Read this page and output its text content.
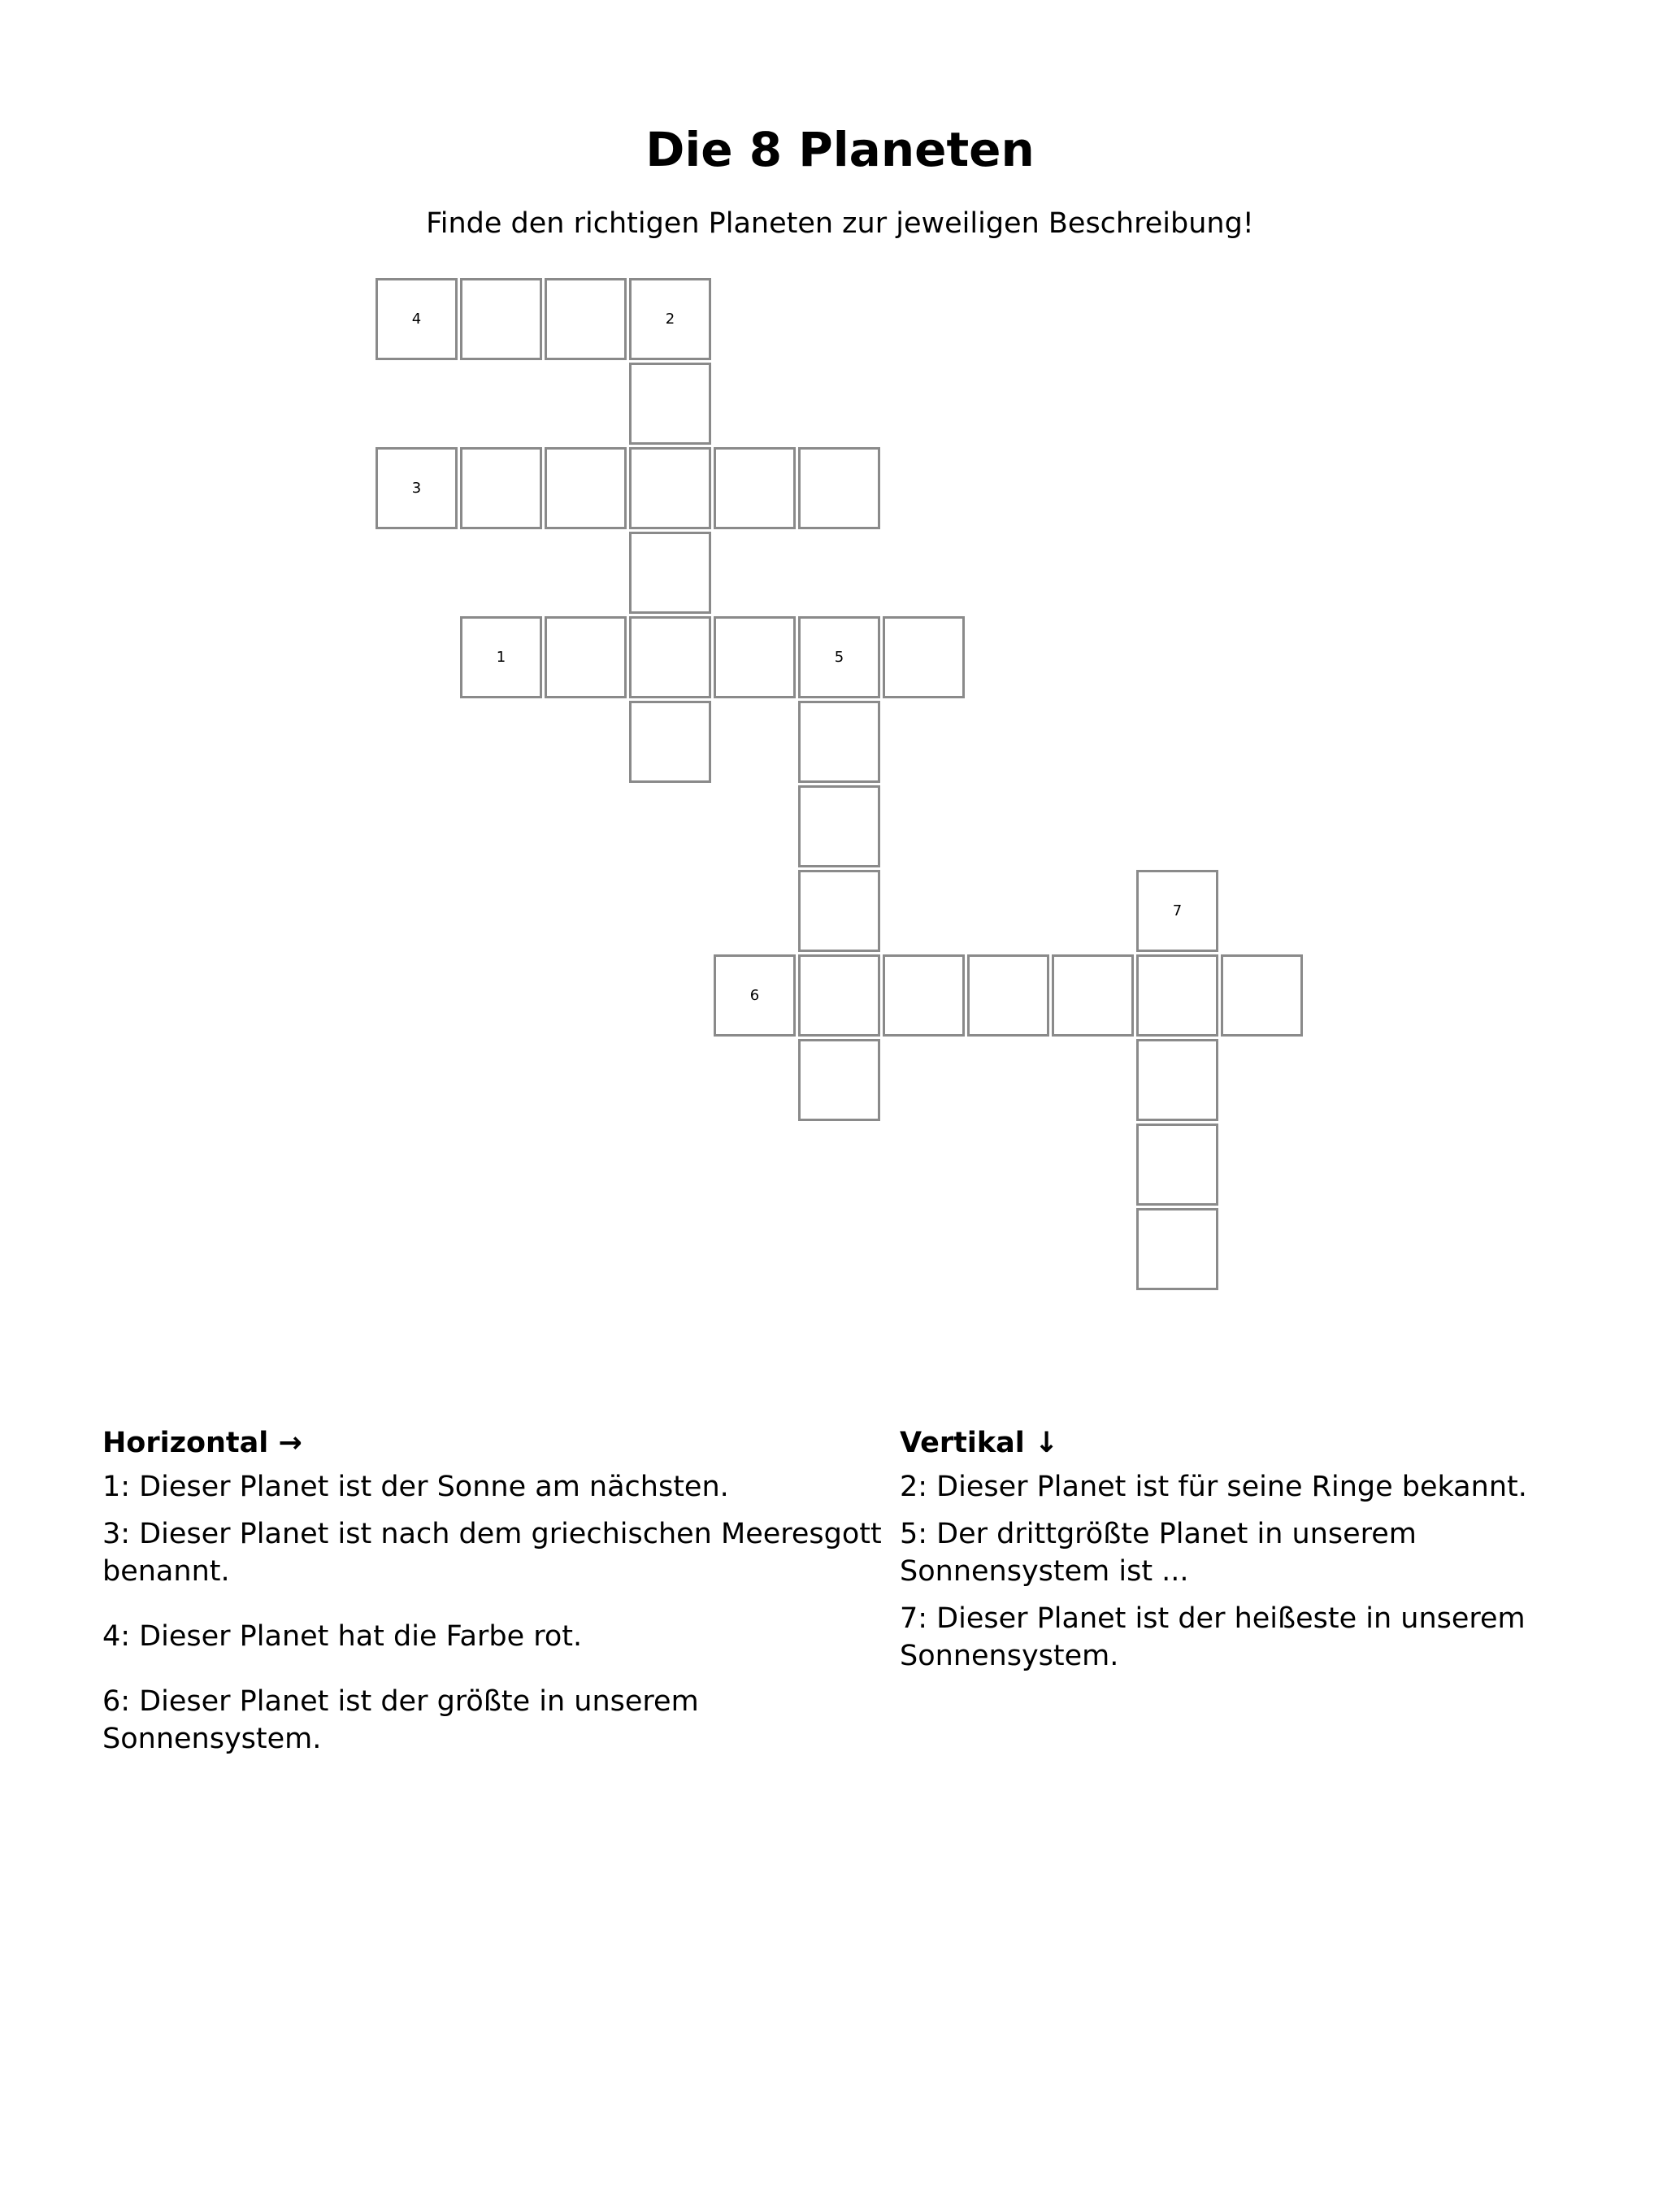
Die 8 Planeten
Finde den richtigen Planeten zur jeweiligen Beschreibung!
4	2
3
1	5
7
6
Horizontal →
1: Dieser Planet ist der Sonne am nächsten.
3: Dieser Planet ist nach dem griechischen Meeresgott benannt.
4: Dieser Planet hat die Farbe rot.
6: Dieser Planet ist der größte in unserem Sonnensystem.
Vertikal ↓
2: Dieser Planet ist für seine Ringe bekannt.
5: Der drittgrößte Planet in unserem Sonnensystem ist ...
7: Dieser Planet ist der heißeste in unserem Sonnensystem.
